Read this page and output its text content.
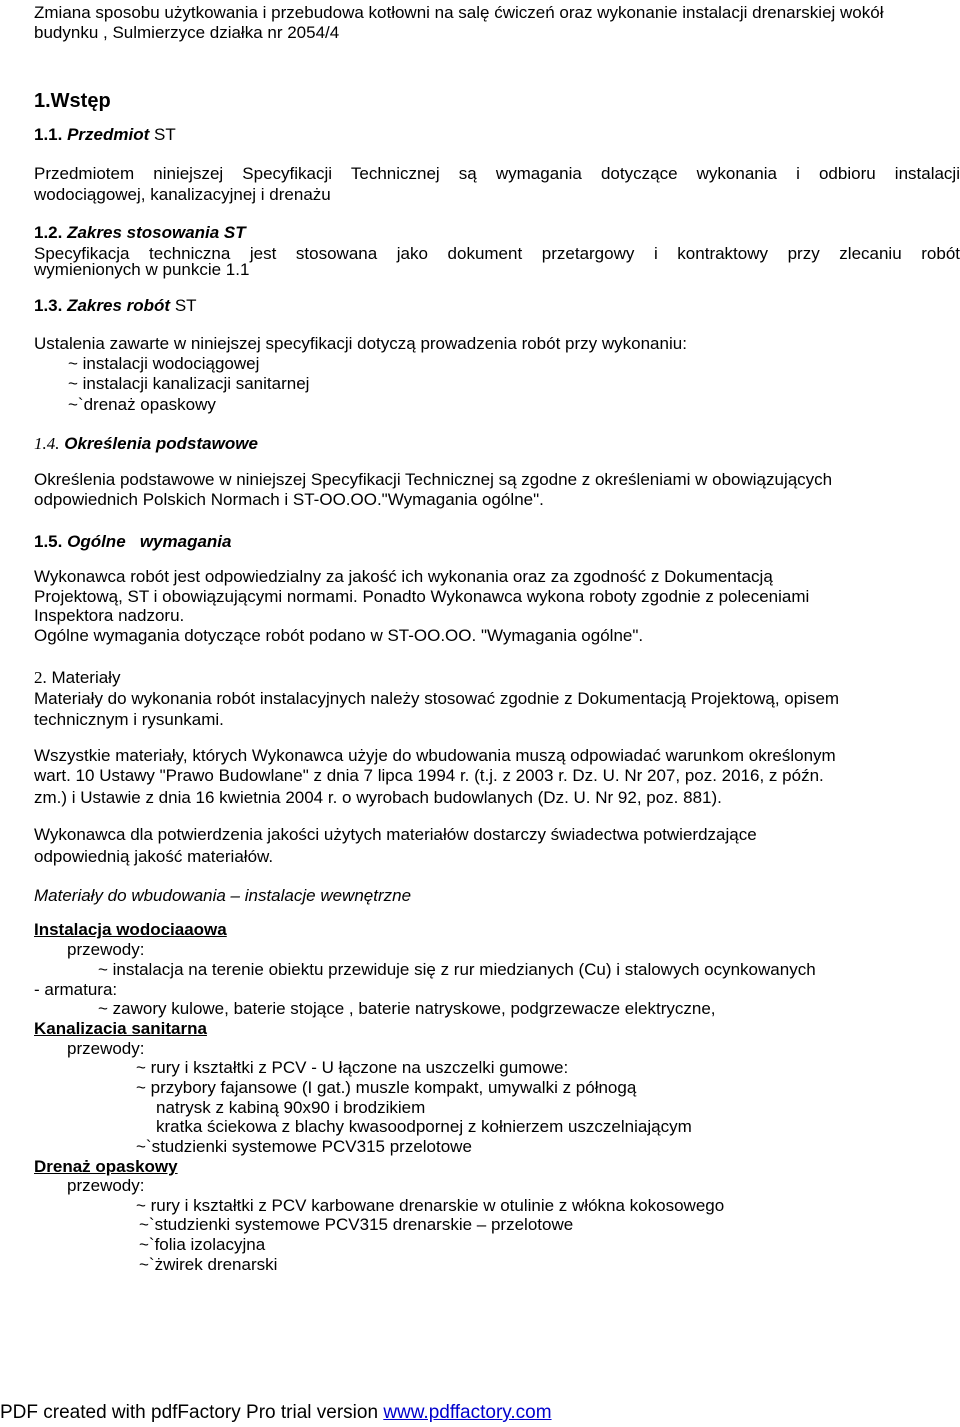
Zmiana sposobu użytkowania i przebudowa kotłowni na salę ćwiczeń oraz wykonanie instalacji drenarskiej wokół
budynku , Sulmierzyce działka nr 2054/4
1.Wstęp
1.1. Przedmiot ST
Przedmiotem niniejszej Specyfikacji Technicznej są wymagania dotyczące wykonania i odbioru instalacji
wodociągowej, kanalizacyjnej i drenażu
1.2. Zakres stosowania ST
Specyfikacja techniczna jest stosowana jako dokument przetargowy i kontraktowy przy zlecaniu robót
wymienionych w punkcie 1.1
1.3. Zakres robót ST
Ustalenia zawarte w niniejszej specyfikacji dotyczą prowadzenia robót przy wykonaniu:
~ instalacji wodociągowej
~ instalacji kanalizacji sanitarnej
~`drenaż opaskowy
1.4. Określenia podstawowe
Określenia podstawowe w niniejszej Specyfikacji Technicznej są zgodne z określeniami w obowiązujących
odpowiednich Polskich Normach i ST-OO.OO."Wymagania ogólne".
1.5. Ogólne   wymagania
Wykonawca robót jest odpowiedzialny za jakość ich wykonania oraz za zgodność z Dokumentacją
Projektową, ST i obowiązującymi normami. Ponadto Wykonawca wykona roboty zgodnie z poleceniami
Inspektora nadzoru.
Ogólne wymagania dotyczące robót podano w ST-OO.OO. "Wymagania ogólne".
2. Materiały
Materiały do wykonania robót instalacyjnych należy stosować zgodnie z Dokumentacją Projektową, opisem
technicznym i rysunkami.
Wszystkie materiały, których Wykonawca użyje do wbudowania muszą odpowiadać warunkom określonym
wart. 10 Ustawy "Prawo Budowlane" z dnia 7 lipca 1994 r. (t.j. z 2003 r. Dz. U. Nr 207, poz. 2016, z późn.
zm.) i Ustawie z dnia 16 kwietnia 2004 r. o wyrobach budowlanych (Dz. U. Nr 92, poz. 881).
Wykonawca dla potwierdzenia jakości użytych materiałów dostarczy świadectwa potwierdzające
odpowiednią jakość materiałów.
Materiały do wbudowania – instalacje wewnętrzne
Instalacja wodociaaowa
przewody:
~ instalacja na terenie obiektu przewiduje się z rur miedzianych (Cu) i stalowych ocynkowanych
- armatura:
~ zawory kulowe, baterie stojące , baterie natryskowe, podgrzewacze elektryczne,
Kanalizacia sanitarna
przewody:
~ rury i kształtki z PCV - U łączone na uszczelki gumowe:
~ przybory fajansowe (I gat.) muszle kompakt, umywalki z półnogą
natrysk z kabiną 90x90 i brodzikiem
kratka ściekowa z blachy kwasoodpornej z kołnierzem uszczelniającym
~`studzienki systemowe PCV315 przelotowe
Drenaż opaskowy
przewody:
~ rury i kształtki z PCV karbowane drenarskie w otulinie z włókna kokosowego
~`studzienki systemowe PCV315 drenarskie – przelotowe
~`folia izolacyjna
~`żwirek drenarski
PDF created with pdfFactory Pro trial version www.pdffactory.com
